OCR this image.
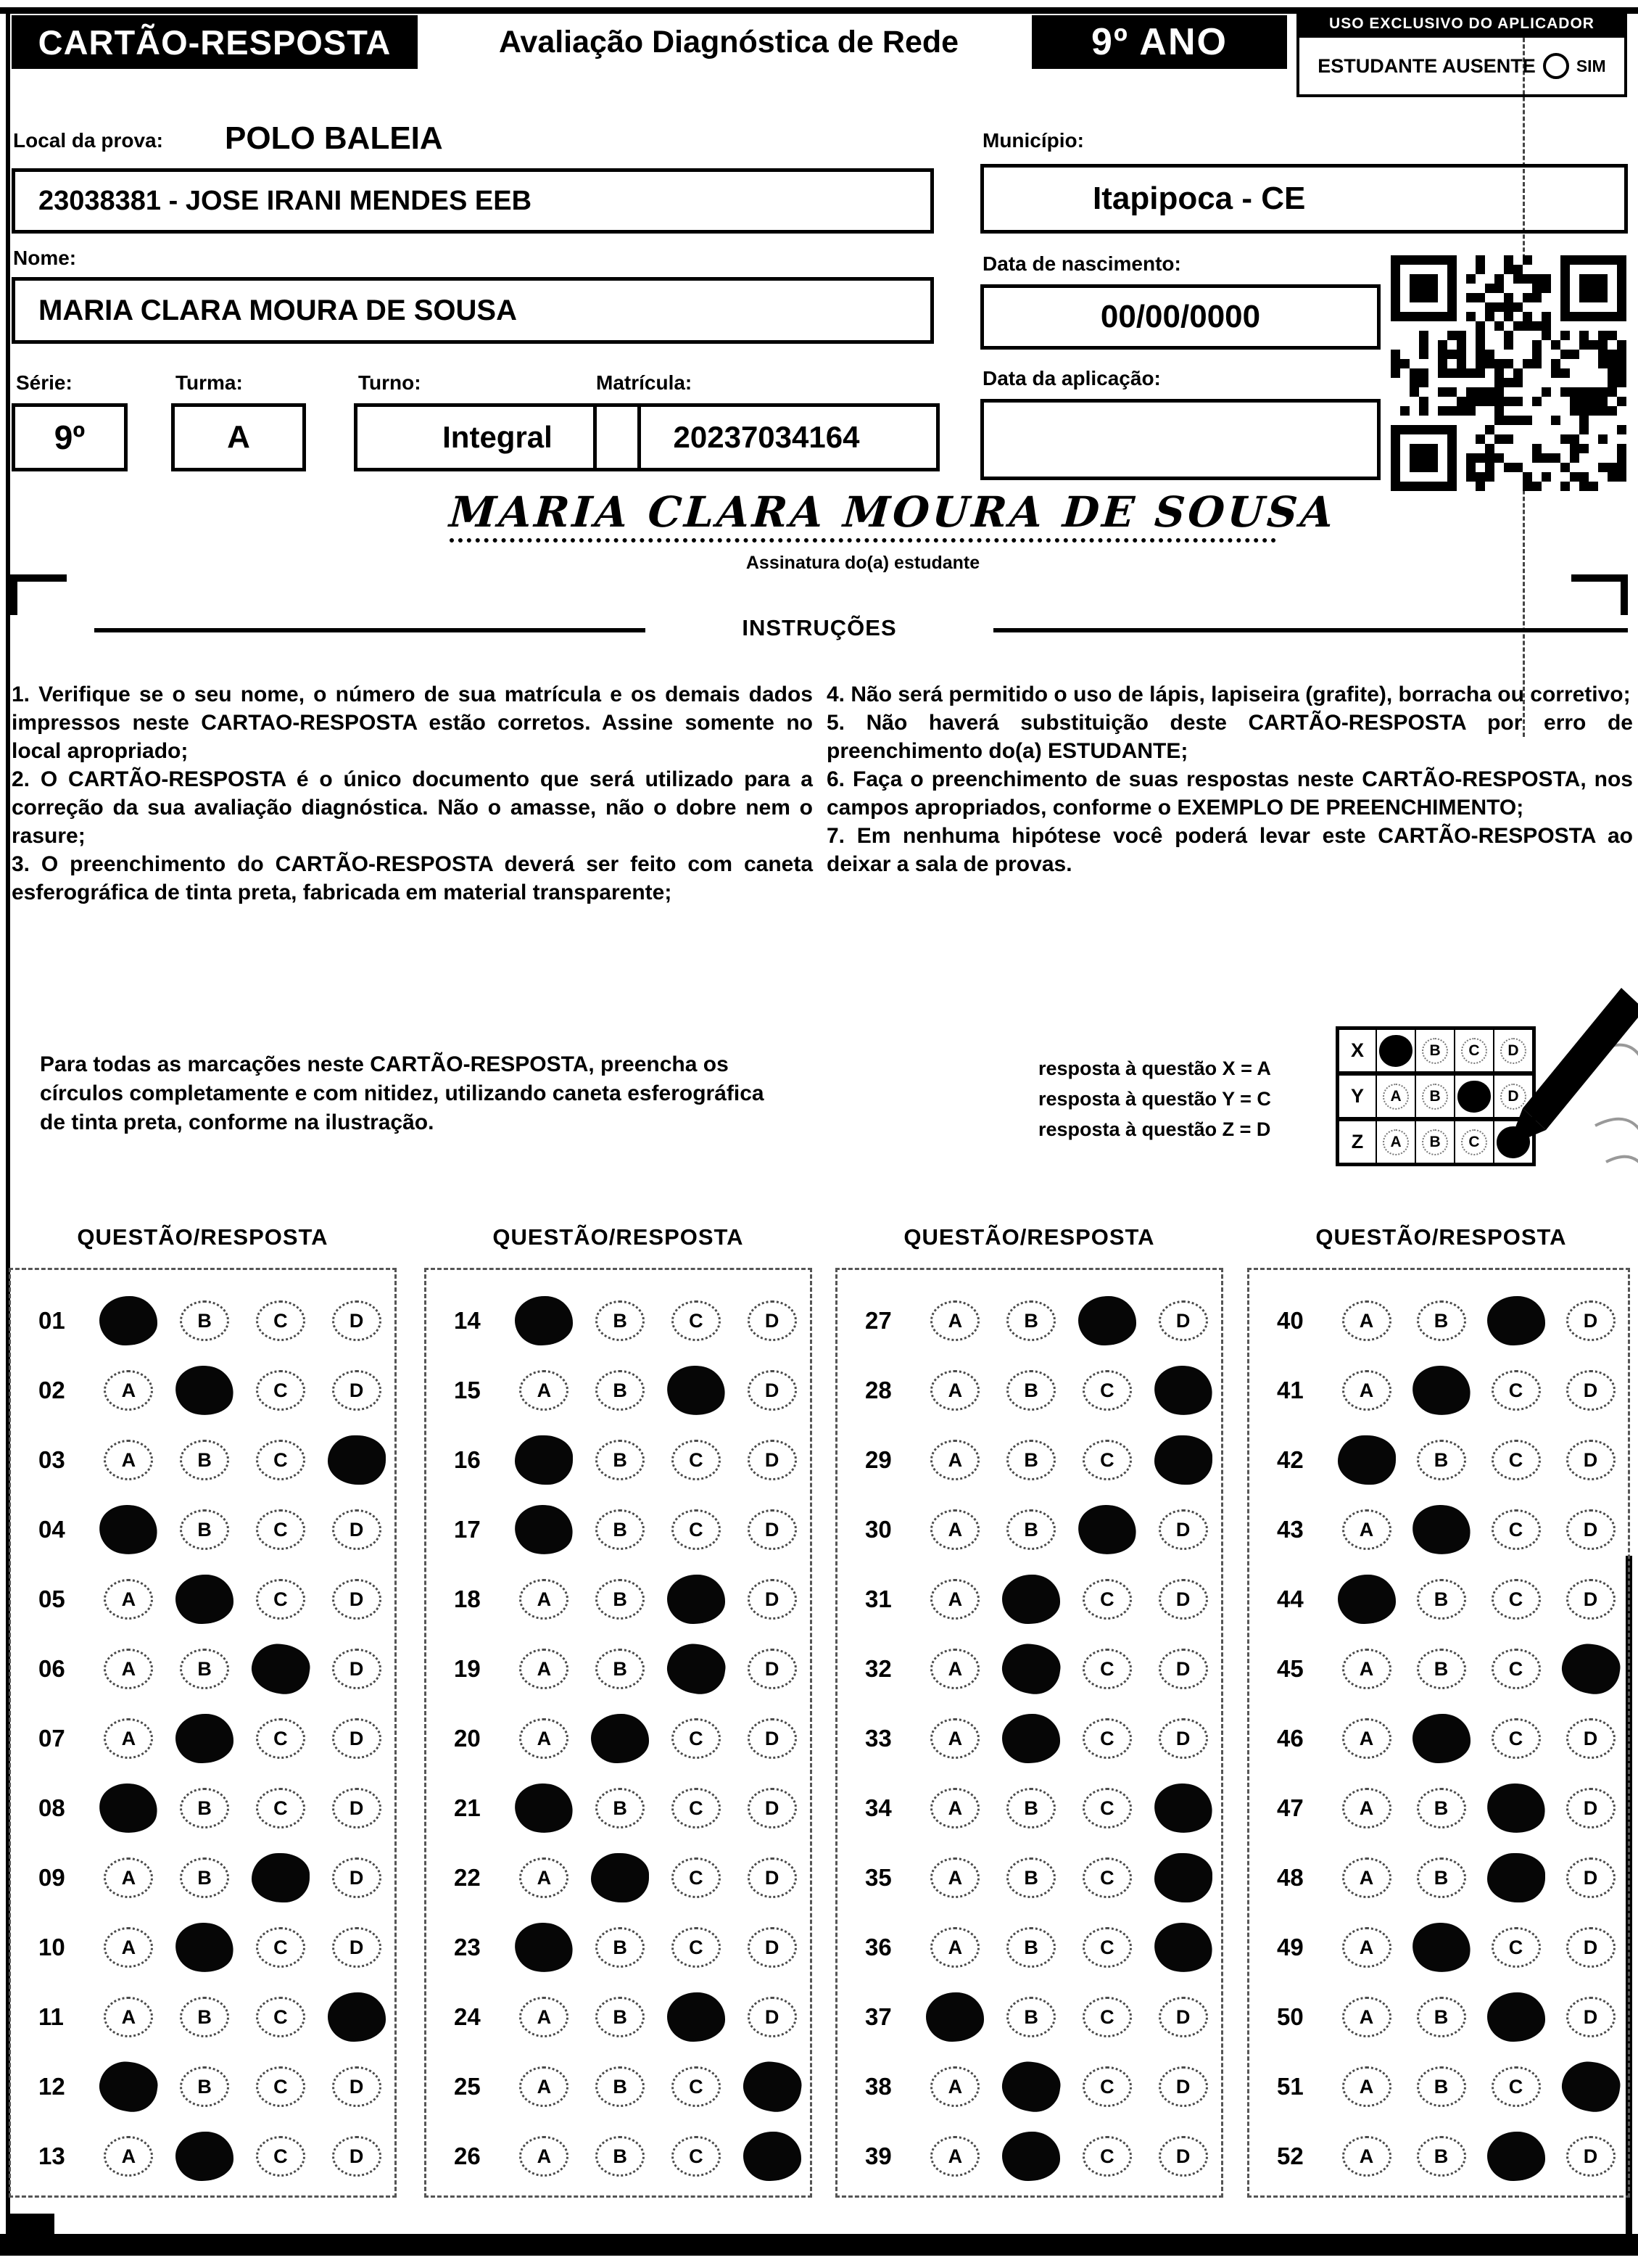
CARTÃO-RESPOSTA	Avaliação Diagnóstica de Rede	9º ANO	USO EXCLUSIVO DO APLICADOR
ESTUDANTE AUSENTE SIM
Local da prova: POLO BALEIA
23038381 - JOSE IRANI MENDES EEB
Município:
Itapipoca - CE
Nome:
MARIA CLARA MOURA DE SOUSA
Data de nascimento:
00/00/0000
Série:
9º
Turma:
A
Turno:
Integral
Matrícula:
20237034164
Data da aplicação:
MARIA CLARA MOURA DE SOUSA
Assinatura do(a) estudante
INSTRUÇÕES
1. Verifique se o seu nome, o número de sua matrícula e os demais dados impressos neste CARTAO-RESPOSTA estão corretos. Assine somente no local apropriado;
2. O CARTÃO-RESPOSTA é o único documento que será utilizado para a correção da sua avaliação diagnóstica. Não o amasse, não o dobre nem o rasure;
3. O preenchimento do CARTÃO-RESPOSTA deverá ser feito com caneta esferográfica de tinta preta, fabricada em material transparente;
4. Não será permitido o uso de lápis, lapiseira (grafite), borracha ou corretivo;
5. Não haverá substituição deste CARTÃO-RESPOSTA por erro de preenchimento do(a) ESTUDANTE;
6. Faça o preenchimento de suas respostas neste CARTÃO-RESPOSTA, nos campos apropriados, conforme o EXEMPLO DE PREENCHIMENTO;
7. Em nenhuma hipótese você poderá levar este CARTÃO-RESPOSTA ao deixar a sala de provas.
Para todas as marcações neste CARTÃO-RESPOSTA, preencha os círculos completamente e com nitidez, utilizando caneta esferográfica de tinta preta, conforme na ilustração.
resposta à questão X = A
resposta à questão Y = C
resposta à questão Z = D
X	B	C	D
Y	A	B	D
Z	A	B	C
QUESTÃO/RESPOSTA
01	B	C	D
02	A	C	D
03	A	B	C
04	B	C	D
05	A	C	D
06	A	B	D
07	A	C	D
08	B	C	D
09	A	B	D
10	A	C	D
11	A	B	C
12	B	C	D
13	A	C	D
QUESTÃO/RESPOSTA
14	B	C	D
15	A	B	D
16	B	C	D
17	B	C	D
18	A	B	D
19	A	B	D
20	A	C	D
21	B	C	D
22	A	C	D
23	B	C	D
24	A	B	D
25	A	B	C
26	A	B	C
QUESTÃO/RESPOSTA
27	A	B	D
28	A	B	C
29	A	B	C
30	A	B	D
31	A	C	D
32	A	C	D
33	A	C	D
34	A	B	C
35	A	B	C
36	A	B	C
37	B	C	D
38	A	C	D
39	A	C	D
QUESTÃO/RESPOSTA
40	A	B	D
41	A	C	D
42	B	C	D
43	A	C	D
44	B	C	D
45	A	B	C
46	A	C	D
47	A	B	D
48	A	B	D
49	A	C	D
50	A	B	D
51	A	B	C
52	A	B	D
